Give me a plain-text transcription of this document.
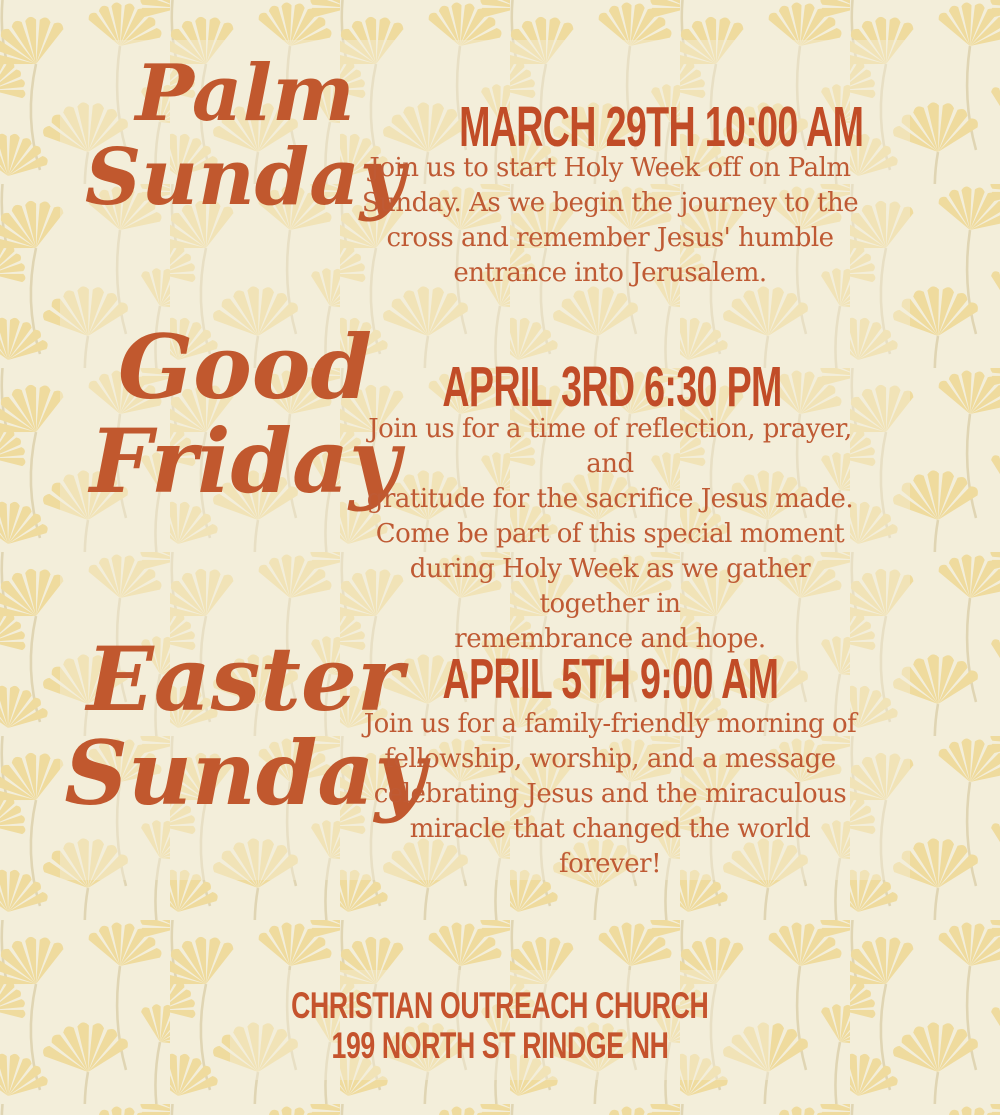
Palm
Sunday
MARCH 29TH 10:00 AM
Join us to start Holy Week off on Palm
Sunday. As we begin the journey to the
cross and remember Jesus' humble
entrance into Jerusalem.
Good
Friday
APRIL 3RD 6:30 PM
Join us for a time of reflection, prayer, and
gratitude for the sacrifice Jesus made.
Come be part of this special moment
during Holy Week as we gather together in
remembrance and hope.
Easter
Sunday
APRIL 5TH 9:00 AM
Join us for a family-friendly morning of
fellowship, worship, and a message
celebrating Jesus and the miraculous
miracle that changed the world forever!
CHRISTIAN OUTREACH CHURCH
199 NORTH ST RINDGE NH
